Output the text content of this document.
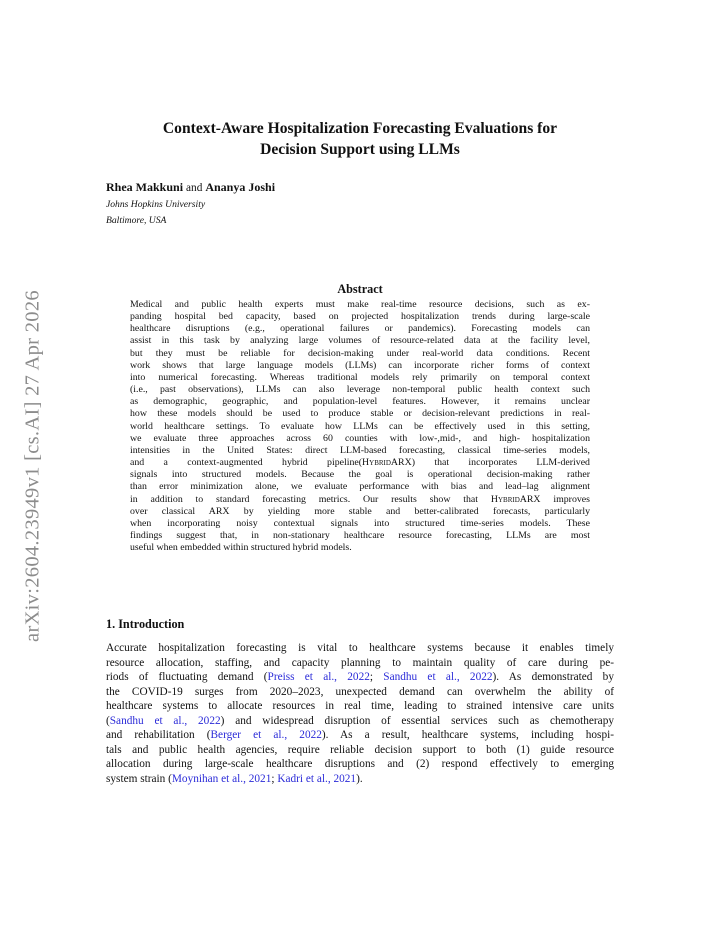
arXiv:2604.23949v1 [cs.AI] 27 Apr 2026
Context-Aware Hospitalization Forecasting Evaluations for
Decision Support using LLMs
Rhea Makkuni and Ananya Joshi
Johns Hopkins University
Baltimore, USA
Abstract
Medical and public health experts must make real-time resource decisions, such as ex-
panding hospital bed capacity, based on projected hospitalization trends during large-scale
healthcare disruptions (e.g., operational failures or pandemics). Forecasting models can
assist in this task by analyzing large volumes of resource-related data at the facility level,
but they must be reliable for decision-making under real-world data conditions. Recent
work shows that large language models (LLMs) can incorporate richer forms of context
into numerical forecasting. Whereas traditional models rely primarily on temporal context
(i.e., past observations), LLMs can also leverage non-temporal public health context such
as demographic, geographic, and population-level features. However, it remains unclear
how these models should be used to produce stable or decision-relevant predictions in real-
world healthcare settings. To evaluate how LLMs can be effectively used in this setting,
we evaluate three approaches across 60 counties with low-,mid-, and high- hospitalization
intensities in the United States: direct LLM-based forecasting, classical time-series models,
and a context-augmented hybrid pipeline(HybridARX) that incorporates LLM-derived
signals into structured models. Because the goal is operational decision-making rather
than error minimization alone, we evaluate performance with bias and lead–lag alignment
in addition to standard forecasting metrics. Our results show that HybridARX improves
over classical ARX by yielding more stable and better-calibrated forecasts, particularly
when incorporating noisy contextual signals into structured time-series models. These
findings suggest that, in non-stationary healthcare resource forecasting, LLMs are most
useful when embedded within structured hybrid models.
1. Introduction
Accurate hospitalization forecasting is vital to healthcare systems because it enables timely
resource allocation, staffing, and capacity planning to maintain quality of care during pe-
riods of fluctuating demand (Preiss et al., 2022; Sandhu et al., 2022). As demonstrated by
the COVID-19 surges from 2020–2023, unexpected demand can overwhelm the ability of
healthcare systems to allocate resources in real time, leading to strained intensive care units
(Sandhu et al., 2022) and widespread disruption of essential services such as chemotherapy
and rehabilitation (Berger et al., 2022). As a result, healthcare systems, including hospi-
tals and public health agencies, require reliable decision support to both (1) guide resource
allocation during large-scale healthcare disruptions and (2) respond effectively to emerging
system strain (Moynihan et al., 2021; Kadri et al., 2021).
